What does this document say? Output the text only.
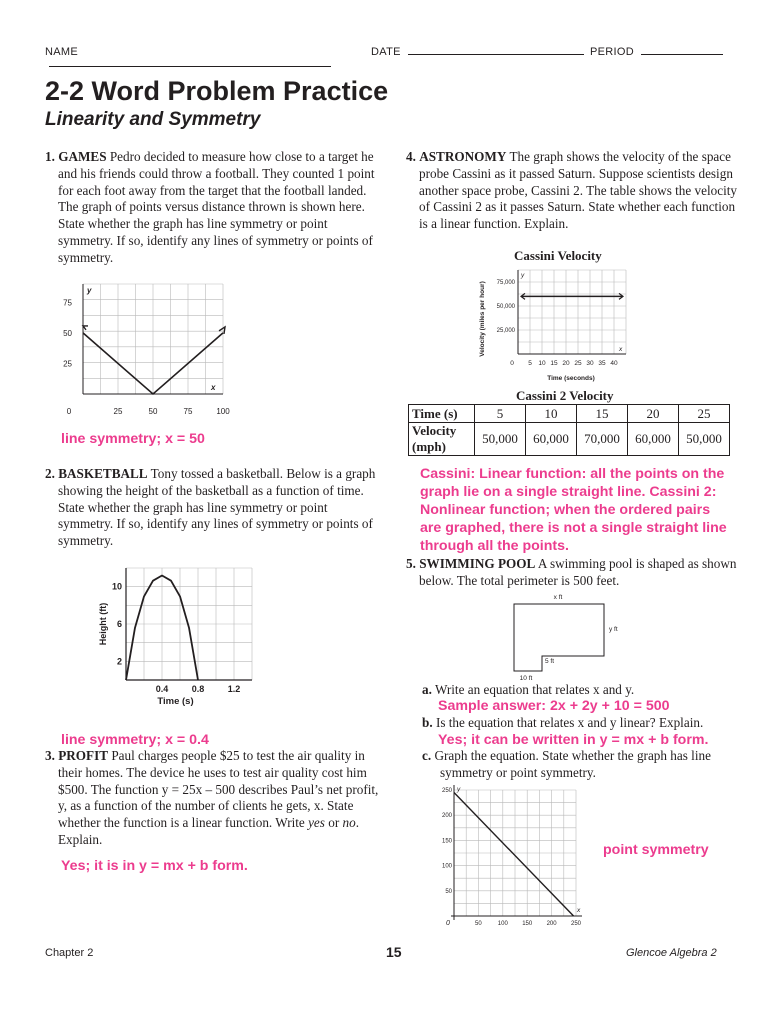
NAME	DATE	PERIOD
2-2 Word Problem Practice
Linearity and Symmetry
1. GAMES Pedro decided to measure how close to a target he and his friends could throw a football. They counted 1 point for each foot away from the target that the football landed. The graph of points versus distance thrown is shown here. State whether the graph has line symmetry or point symmetry. If so, identify any lines of symmetry or points of symmetry.
x
y
0	25	50	75	100
25
50
75
line symmetry; x = 50
2. BASKETBALL Tony tossed a basketball. Below is a graph showing the height of the basketball as a function of time. State whether the graph has line symmetry or point symmetry. If so, identify any lines of symmetry or points of symmetry.
Height (ft)
Time (s)
0.4	0.8	1.2
2
6
10
line symmetry; x = 0.4
3. PROFIT Paul charges people $25 to test the air quality in their homes. The device he uses to test air quality cost him $500. The function y = 25x – 500 describes Paul’s net profit, y, as a function of the number of clients he gets, x. State whether the function is a linear function. Write yes or no. Explain.
Yes; it is in y = mx + b form.
4. ASTRONOMY The graph shows the velocity of the space probe Cassini as it passed Saturn. Suppose scientists design another space probe, Cassini 2. The table shows the velocity of Cassini 2 as it passes Saturn. State whether each function is a linear function. Explain.
Cassini Velocity
Velocity (miles per hour)	x
y
0 5 10 15 20 25 30 35 40
25,000
50,000
75,000
Time (seconds)
Cassini 2 Velocity
Time (s)	5	10	15	20	25
Velocity (mph)	50,000	60,000	70,000	60,000	50,000
Cassini: Linear function: all the points on the graph lie on a single straight line. Cassini 2: Nonlinear function; when the ordered pairs are graphed, there is not a single straight line through all the points.
5. SWIMMING POOL A swimming pool is shaped as shown below. The total perimeter is 500 feet.
x ft
y ft
5 ft
10 ft
a. Write an equation that relates x and y.
Sample answer: 2x + 2y + 10 = 500
b. Is the equation that relates x and y linear? Explain.
Yes; it can be written in y = mx + b form.
c. Graph the equation. State whether the graph has line symmetry or point symmetry.
x
y
0	50	100 150 200 250
50
100
150
200
250
point symmetry
Chapter 2	15	Glencoe Algebra 2
